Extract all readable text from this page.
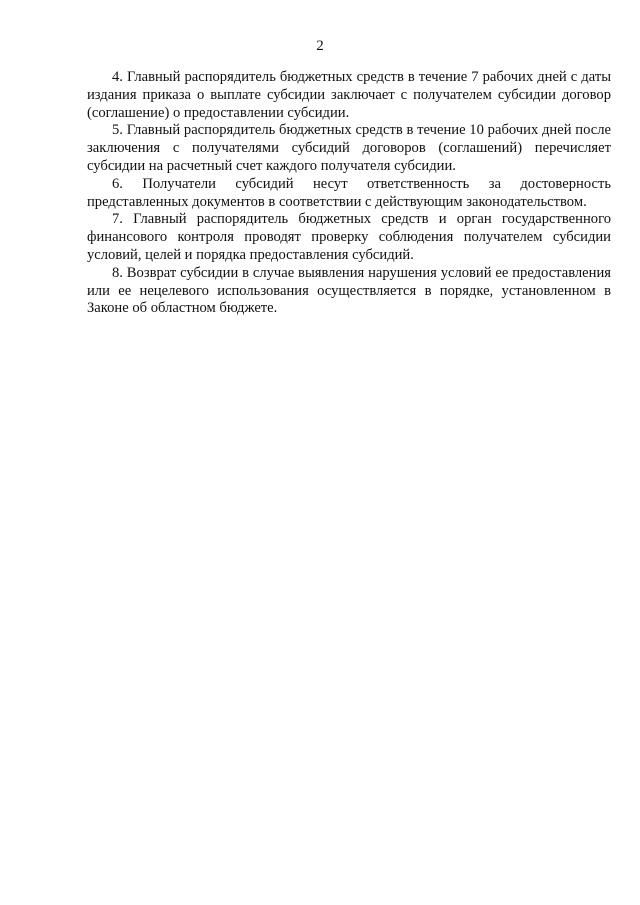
2

4. Главный распорядитель бюджетных средств в течение 7 рабочих дней с даты издания приказа о выплате субсидии заключает с получателем субсидии договор (соглашение) о предоставлении субсидии.

5. Главный распорядитель бюджетных средств в течение 10 рабочих дней после заключения с получателями субсидий договоров (соглашений) перечисляет субсидии на расчетный счет каждого получателя субсидии.

6. Получатели субсидий несут ответственность за достоверность представленных документов в соответствии с действующим законодательством.

7. Главный распорядитель бюджетных средств и орган государственного финансового контроля проводят проверку соблюдения получателем субсидии условий, целей и порядка предоставления субсидий.

8. Возврат субсидии в случае выявления нарушения условий ее предоставления или ее нецелевого использования осуществляется в порядке, установленном в Законе об областном бюджете.
